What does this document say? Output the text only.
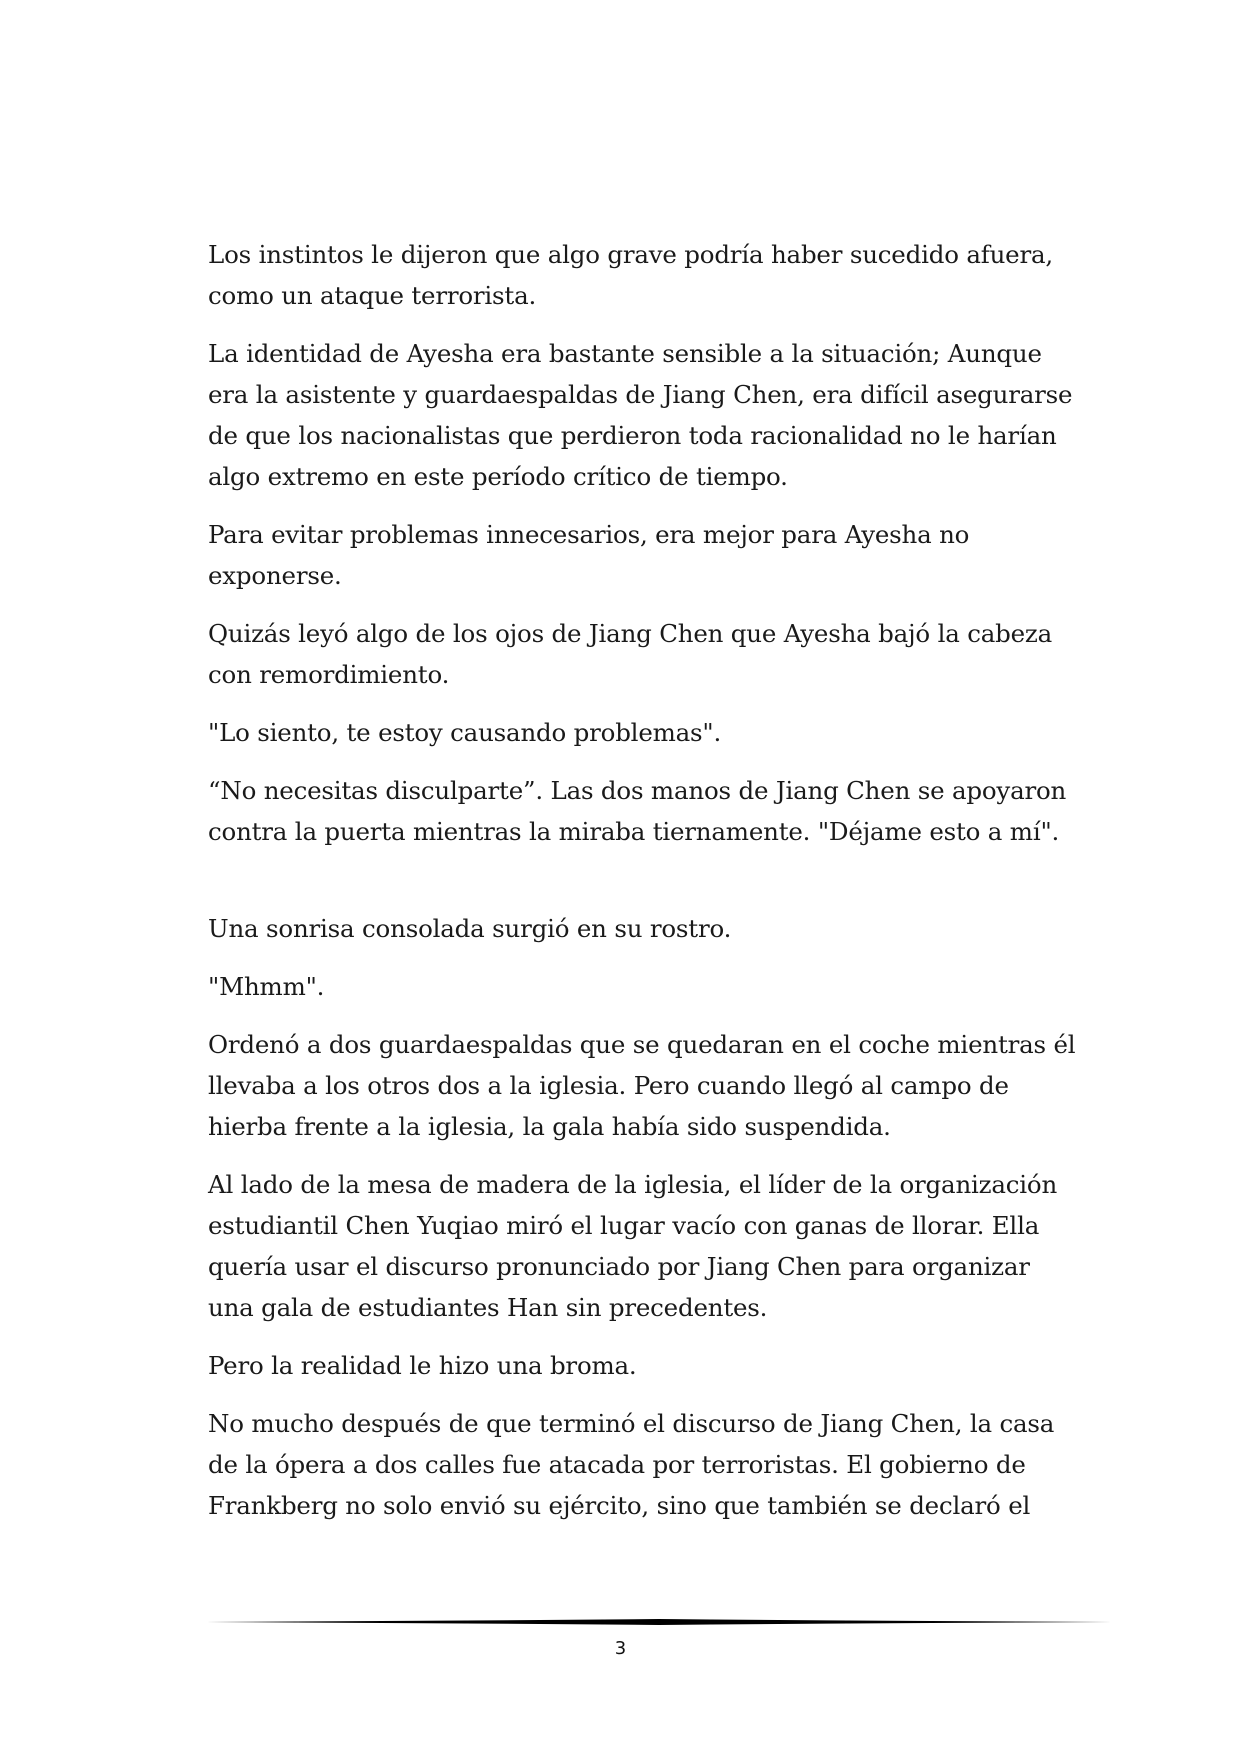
Los instintos le dijeron que algo grave podría haber sucedido afuera, como un ataque terrorista.

La identidad de Ayesha era bastante sensible a la situación; Aunque era la asistente y guardaespaldas de Jiang Chen, era difícil asegurarse de que los nacionalistas que perdieron toda racionalidad no le harían algo extremo en este período crítico de tiempo.

Para evitar problemas innecesarios, era mejor para Ayesha no exponerse.

Quizás leyó algo de los ojos de Jiang Chen que Ayesha bajó la cabeza con remordimiento.

"Lo siento, te estoy causando problemas".

“No necesitas disculparte”. Las dos manos de Jiang Chen se apoyaron contra la puerta mientras la miraba tiernamente. "Déjame esto a mí".

Una sonrisa consolada surgió en su rostro.

"Mhmm".

Ordenó a dos guardaespaldas que se quedaran en el coche mientras él llevaba a los otros dos a la iglesia. Pero cuando llegó al campo de hierba frente a la iglesia, la gala había sido suspendida.

Al lado de la mesa de madera de la iglesia, el líder de la organización estudiantil Chen Yuqiao miró el lugar vacío con ganas de llorar. Ella quería usar el discurso pronunciado por Jiang Chen para organizar una gala de estudiantes Han sin precedentes.

Pero la realidad le hizo una broma.

No mucho después de que terminó el discurso de Jiang Chen, la casa de la ópera a dos calles fue atacada por terroristas. El gobierno de Frankberg no solo envió su ejército, sino que también se declaró el

3
